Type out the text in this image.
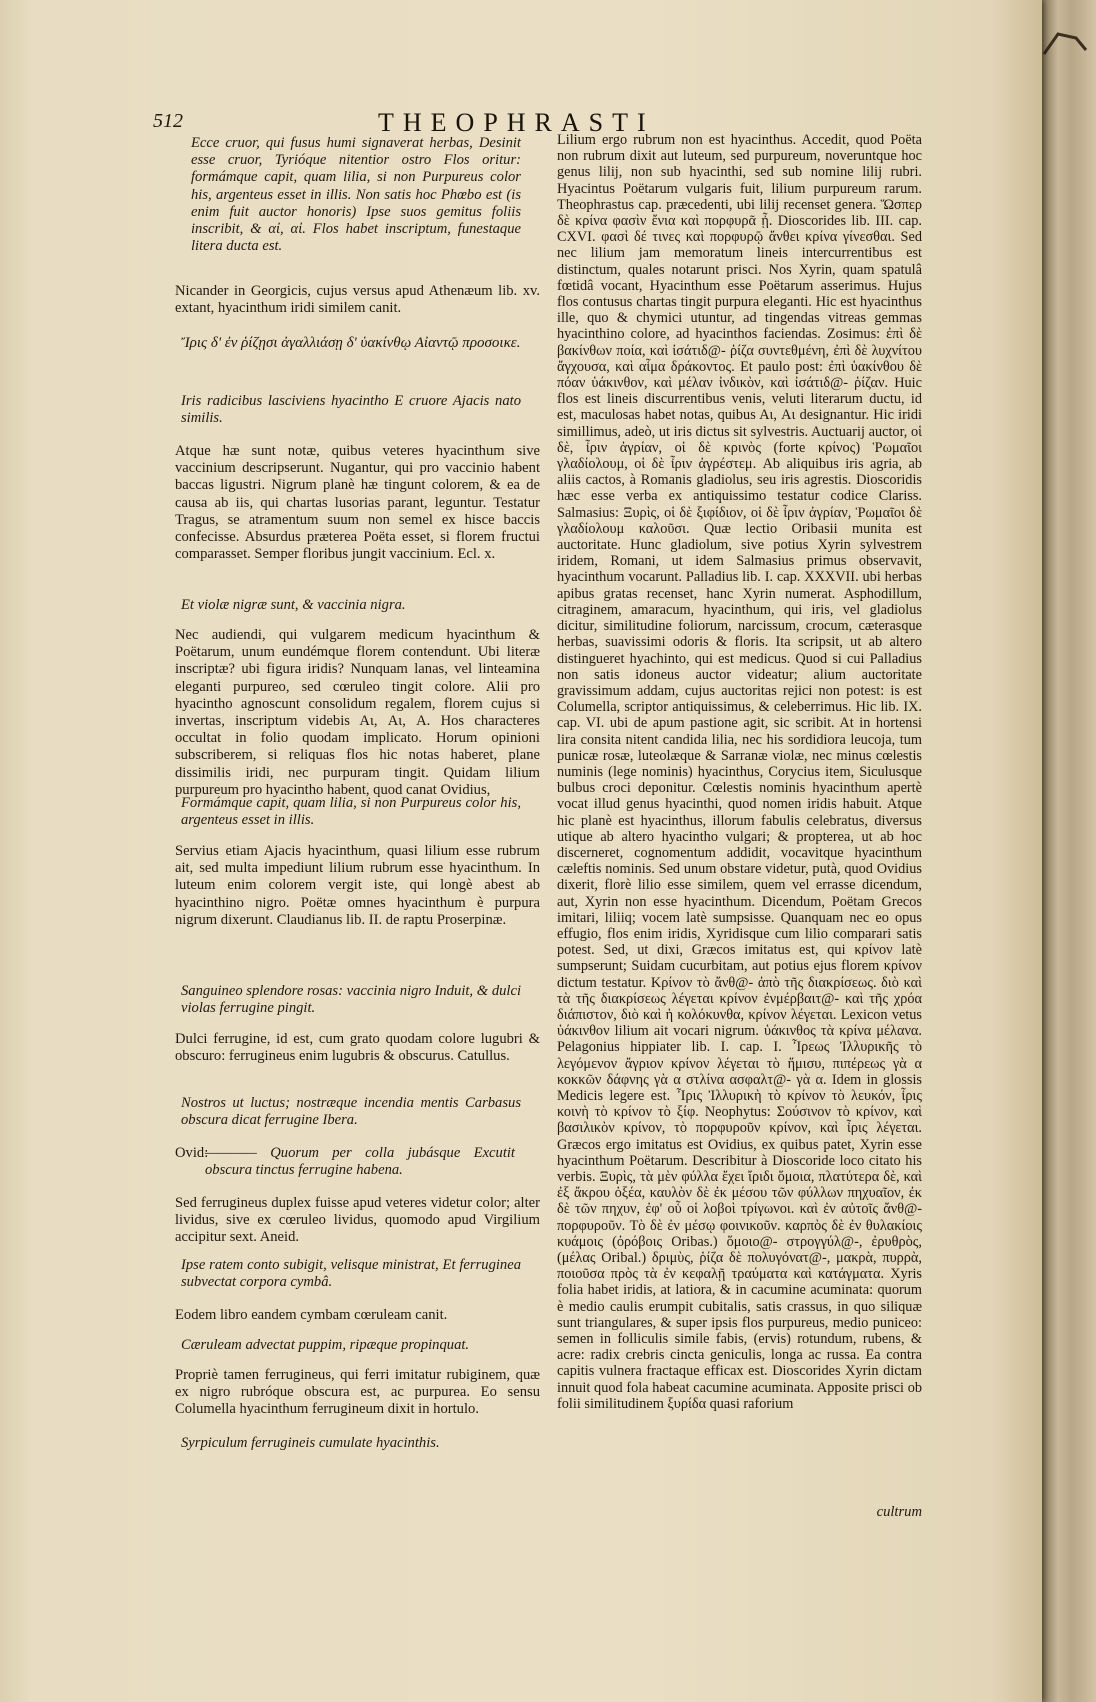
512	THEOPHRASTI
Ecce cruor, qui fusus humi signaverat herbas, Desinit esse cruor, Tyrióque nitentior ostro Flos oritur: formámque capit, quam lilia, si non Purpureus color his, argenteus esset in illis. Non satis hoc Phœbo est (is enim fuit auctor honoris) Ipse suos gemitus foliis inscribit, & αἰ, αἰ. Flos habet inscriptum, funestaque litera ducta est.
Nicander in Georgicis, cujus versus apud Athenæum lib. xv. extant, hyacinthum iridi similem canit.
Ἴρις δ' ἐν ῥίζῃσι ἀγαλλιάσῃ δ' ὑακίνθῳ Αἰαντῷ προσοικε.
Iris radicibus lasciviens hyacintho E cruore Ajacis nato similis.
Atque hæ sunt notæ, quibus veteres hyacinthum sive vaccinium descripserunt. Nugantur, qui pro vaccinio habent baccas ligustri. Nigrum planè hæ tingunt colorem, & ea de causa ab iis, qui chartas lusorias parant, leguntur. Testatur Tragus, se atramentum suum non semel ex hisce baccis confecisse. Absurdus præterea Poëta esset, si florem fructui comparasset. Semper floribus jungit vaccinium. Ecl. x.
Et violæ nigræ sunt, & vaccinia nigra.
Nec audiendi, qui vulgarem medicum hyacinthum & Poëtarum, unum eundémque florem contendunt. Ubi literæ inscriptæ? ubi figura iridis? Nunquam lanas, vel linteamina eleganti purpureo, sed cœruleo tingit colore. Alii pro hyacintho agnoscunt consolidum regalem, florem cujus si invertas, inscriptum videbis Aι, Aι, A. Hos characteres occultat in folio quodam implicato. Horum opinioni subscriberem, si reliquas flos hic notas haberet, plane dissimilis iridi, nec purpuram tingit. Quidam lilium purpureum pro hyacintho habent, quod canat Ovidius,
Formámque capit, quam lilia, si non Purpureus color his, argenteus esset in illis.
Servius etiam Ajacis hyacinthum, quasi lilium esse rubrum ait, sed multa impediunt lilium rubrum esse hyacinthum. In luteum enim colorem vergit iste, qui longè abest ab hyacinthino nigro. Poëtæ omnes hyacinthum è purpura nigrum dixerunt. Claudianus lib. II. de raptu Proserpinæ.
Sanguineo splendore rosas: vaccinia nigro Induit, & dulci violas ferrugine pingit.
Dulci ferrugine, id est, cum grato quodam colore lugubri & obscuro: ferrugineus enim lugubris & obscurus. Catullus.
Nostros ut luctus; nostræque incendia mentis Carbasus obscura dicat ferrugine Ibera.
Ovid:
———— Quorum per colla jubásque Excutit obscura tinctus ferrugine habena.
Sed ferrugineus duplex fuisse apud veteres videtur color; alter lividus, sive ex cœruleo lividus, quomodo apud Virgilium accipitur sext. Aneid.
Ipse ratem conto subigit, velisque ministrat, Et ferruginea subvectat corpora cymbâ.
Eodem libro eandem cymbam cœruleam canit.
Cæruleam advectat puppim, ripæque propinquat.
Propriè tamen ferrugineus, qui ferri imitatur rubiginem, quæ ex nigro rubróque obscura est, ac purpurea. Eo sensu Columella hyacinthum ferrugineum dixit in hortulo.
Syrpiculum ferrugineis cumulate hyacinthis.
Lilium ergo rubrum non est hyacinthus. Accedit, quod Poëta non rubrum dixit aut luteum, sed purpureum, noveruntque hoc genus lilij, non sub hyacinthi, sed sub nomine lilij rubri. Hyacintus Poëtarum vulgaris fuit, lilium purpureum rarum. Theophrastus cap. præcedenti, ubi lilij recenset genera. Ὥσπερ δὲ κρίνα φασὶν ἔνια καὶ πορφυρᾶ ᾖ. Dioscorides lib. III. cap. CXVI. φασὶ δέ τινες καὶ πορφυρῷ ἄνθει κρίνα γίνεσθαι. Sed nec lilium jam memoratum lineis intercurrentibus est distinctum, quales notarunt prisci. Nos Xyrin, quam spatulâ fœtidâ vocant, Hyacinthum esse Poëtarum asserimus. Hujus flos contusus chartas tingit purpura eleganti. Hic est hyacinthus ille, quo & chymici utuntur, ad tingendas vitreas gemmas hyacinthino colore, ad hyacinthos faciendas. Zosimus: ἐπὶ δὲ βακίνθων ποία, καὶ ἰσάτιδ@- ῥίζα συντεθμένη, ἐπὶ δὲ λυχνίτου ἄγχουσα, καὶ αἷμα δράκοντος. Et paulo post: ἐπὶ ὑακίνθου δὲ πόαν ὑάκινθον, καὶ μέλαν ἰνδικὸν, καὶ ἰσάτιδ@- ῥίζαν. Huic flos est lineis discurrentibus venis, veluti literarum ductu, id est, maculosas habet notas, quibus Aι, Aι designantur. Hic iridi simillimus, adeò, ut iris dictus sit sylvestris. Auctuarij auctor, οἱ δὲ, ἶριν ἀγρίαν, οἱ δὲ κρινὸς (forte κρίνος) Ῥωμαῖοι γλαδίολουμ, οἱ δὲ ἶριν ἀγρέστεμ. Ab aliquibus iris agria, ab aliis cactos, à Romanis gladiolus, seu iris agrestis. Dioscoridis hæc esse verba ex antiquissimo testatur codice Clariss. Salmasius: Ξυρὶς, οἱ δὲ ξιφίδιον, οἱ δὲ ἶριν ἀγρίαν, Ῥωμαῖοι δὲ γλαδίολουμ καλοῦσι. Quæ lectio Oribasii munita est auctoritate. Hunc gladiolum, sive potius Xyrin sylvestrem iridem, Romani, ut idem Salmasius primus observavit, hyacinthum vocarunt. Palladius lib. I. cap. XXXVII. ubi herbas apibus gratas recenset, hanc Xyrin numerat. Asphodillum, citraginem, amaracum, hyacinthum, qui iris, vel gladiolus dicitur, similitudine foliorum, narcissum, crocum, cæterasque herbas, suavissimi odoris & floris. Ita scripsit, ut ab altero distingueret hyachinto, qui est medicus. Quod si cui Palladius non satis idoneus auctor videatur; alium auctoritate gravissimum addam, cujus auctoritas rejici non potest: is est Columella, scriptor antiquissimus, & celeberrimus. Hic lib. IX. cap. VI. ubi de apum pastione agit, sic scribit. At in hortensi lira consita nitent candida lilia, nec his sordidiora leucoja, tum punicæ rosæ, luteolæque & Sarranæ violæ, nec minus cœlestis numinis (lege nominis) hyacinthus, Corycius item, Siculusque bulbus croci deponitur. Cœlestis nominis hyacinthum apertè vocat illud genus hyacinthi, quod nomen iridis habuit. Atque hic planè est hyacinthus, illorum fabulis celebratus, diversus utique ab altero hyacintho vulgari; & propterea, ut ab hoc discerneret, cognomentum addidit, vocavitque hyacinthum cæleftis nominis. Sed unum obstare videtur, putà, quod Ovidius dixerit, florè lilio esse similem, quem vel errasse dicendum, aut, Xyrin non esse hyacinthum. Dicendum, Poëtam Grecos imitari, liliiq; vocem latè sumpsisse. Quanquam nec eo opus effugio, flos enim iridis, Xyridisque cum lilio comparari satis potest. Sed, ut dixi, Græcos imitatus est, qui κρίνον latè sumpserunt; Suidam cucurbitam, aut potius ejus florem κρίνον dictum testatur. Κρίνον τὸ ἄνθ@- ἀπὸ τῆς διακρίσεως. διὸ καὶ τὰ τῆς διακρίσεως λέγεται κρίνον ἐνμέρβαιτ@- καὶ τῆς χρόα διάπιστον, διὸ καὶ ἡ κολόκυνθα, κρίνον λέγεται. Lexicon vetus ὑάκινθον lilium ait vocari nigrum. ὑάκινθος τὰ κρίνα μέλανα. Pelagonius hippiater lib. I. cap. I. Ἶρεως Ἰλλυρικῆς τὸ λεγόμενον ἄγριον κρίνον λέγεται τὸ ἥμισυ, πιπέρεως γὰ α κοκκῶν δάφνης γὰ α στλίνα ασφαλτ@- γὰ α. Idem in glossis Medicis legere est. Ἶρις Ἰλλυρικὴ τὸ κρίνον τὸ λευκόν, ἶρις κοινὴ τὸ κρίνον τὸ ξίφ. Neophytus: Σούσινον τὸ κρίνον, καὶ βασιλικὸν κρίνον, τὸ πορφυροῦν κρίνον, καὶ ἶρις λέγεται. Græcos ergo imitatus est Ovidius, ex quibus patet, Xyrin esse hyacinthum Poëtarum. Describitur à Dioscoride loco citato his verbis. Ξυρὶς, τὰ μὲν φύλλα ἔχει ἴριδι ὅμοια, πλατύτερα δὲ, καὶ ἐξ ἄκρου ὀξέα, καυλὸν δὲ ἐκ μέσου τῶν φύλλων πηχυαῖον, ἐκ δὲ τῶν πηχυν, ἐφ' οὗ οἱ λοβοὶ τρίγωνοι. καὶ ἐν αὐτοῖς ἄνθ@- πορφυροῦν. Τὸ δὲ ἐν μέσῳ φοινικοῦν. καρπὸς δὲ ἐν θυλακίοις κυάμοις (ὀρόβοις Oribas.) ὅμοιο@- στρογγύλ@-, ἐρυθρὸς, (μέλας Oribal.) δριμὺς, ῥίζα δὲ πολυγόνατ@-, μακρὰ, πυρρὰ, ποιοῦσα πρὸς τὰ ἐν κεφαλῇ τραύματα καὶ κατάγματα. Xyris folia habet iridis, at latiora, & in cacumine acuminata: quorum è medio caulis erumpit cubitalis, satis crassus, in quo siliquæ sunt triangulares, & super ipsis flos purpureus, medio puniceo: semen in folliculis simile fabis, (ervis) rotundum, rubens, & acre: radix crebris cincta geniculis, longa ac russa. Ea contra capitis vulnera fractaque efficax est. Dioscorides Xyrin dictam innuit quod fola habeat cacumine acuminata. Apposite prisci ob folii similitudinem ξυρίδα quasi raforium
cultrum
